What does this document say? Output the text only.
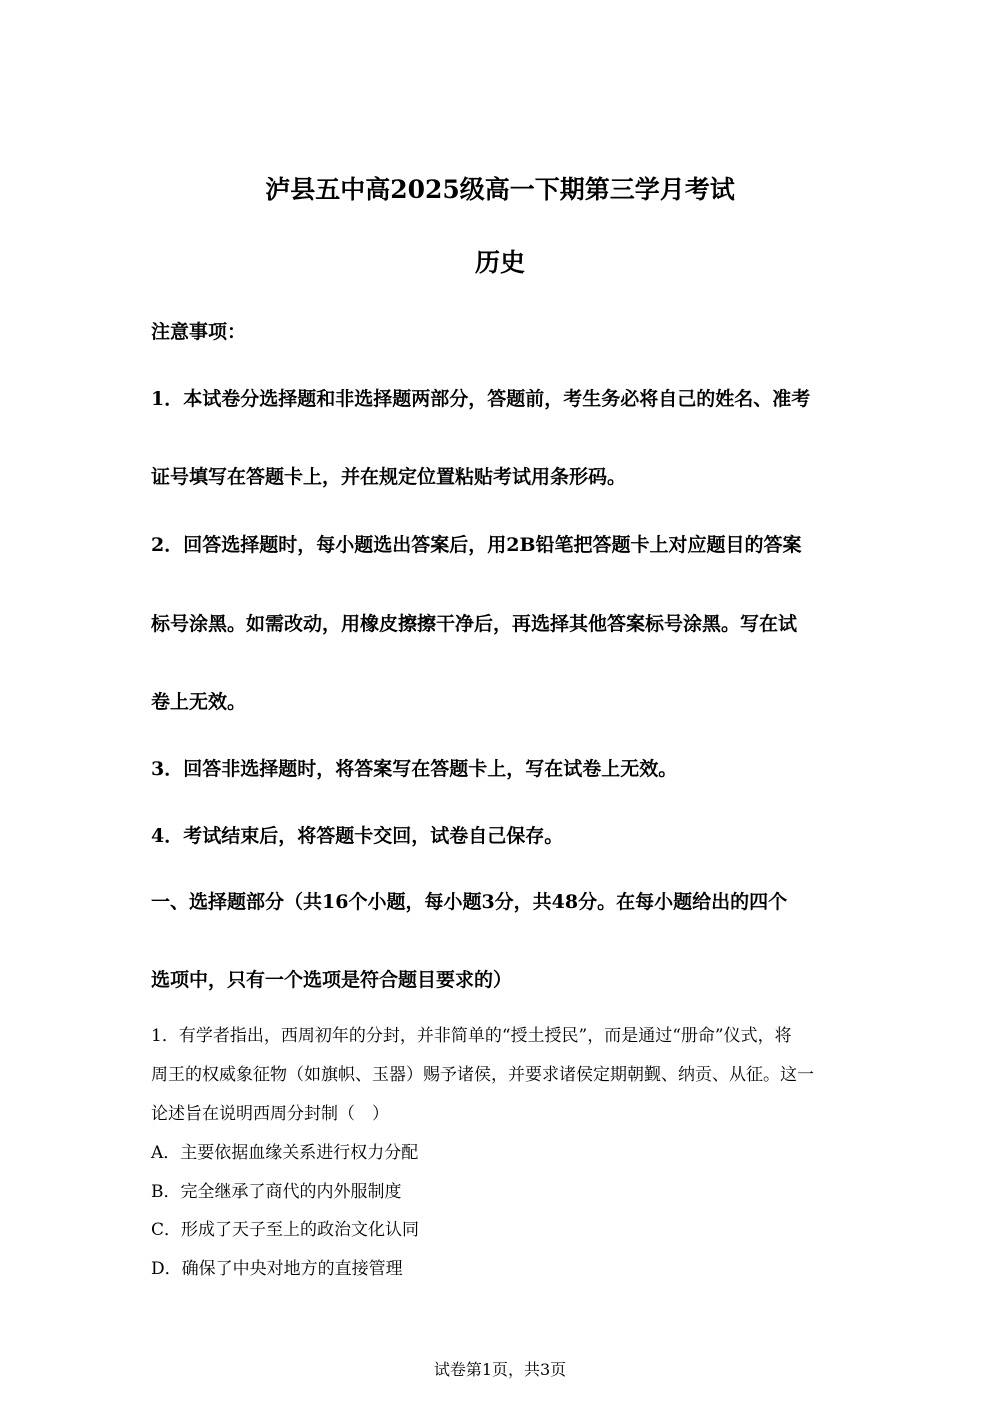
泸县五中高2025级高一下期第三学月考试
历史
注意事项：
1．本试卷分选择题和非选择题两部分，答题前，考生务必将自己的姓名、准考
证号填写在答题卡上，并在规定位置粘贴考试用条形码。
2．回答选择题时，每小题选出答案后，用2B铅笔把答题卡上对应题目的答案
标号涂黑。如需改动，用橡皮擦擦干净后，再选择其他答案标号涂黑。写在试
卷上无效。
3．回答非选择题时，将答案写在答题卡上，写在试卷上无效。
4．考试结束后，将答题卡交回，试卷自己保存。
一、选择题部分（共16个小题，每小题3分，共48分。在每小题给出的四个
选项中，只有一个选项是符合题目要求的）
1．有学者指出，西周初年的分封，并非简单的“授土授民”，而是通过“册命”仪式，将
周王的权威象征物（如旗帜、玉器）赐予诸侯，并要求诸侯定期朝觐、纳贡、从征。这一
论述旨在说明西周分封制（　）
A．主要依据血缘关系进行权力分配
B．完全继承了商代的内外服制度
C．形成了天子至上的政治文化认同
D．确保了中央对地方的直接管理
试卷第1页，共3页
